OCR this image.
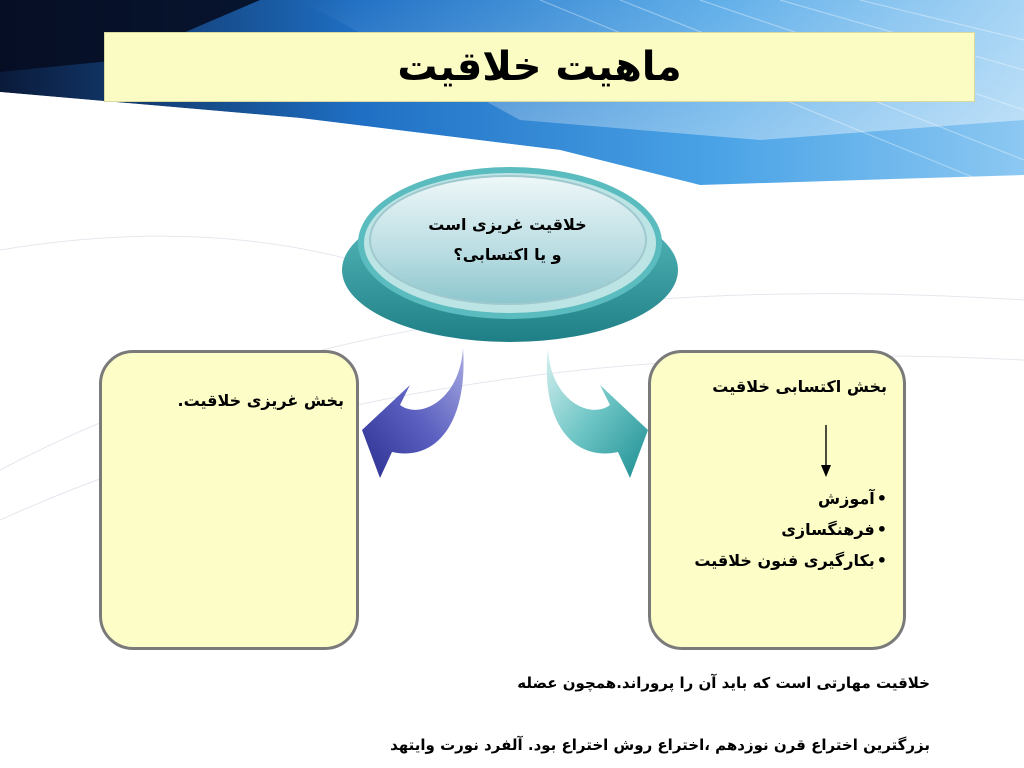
ماهیت خلاقیت
خلاقیت غریزی است
و یا اکتسابی؟
بخش غریزی خلاقیت.
بخش اکتسابی خلاقیت
•آموزش
•فرهنگسازی
•بکارگیری فنون خلاقیت
خلاقیت مهارتی است که باید آن را پروراند.همچون عضله
بزرگترین اختراع قرن نوزدهم ،اختراع روش اختراع بود. آلفرد نورت وایتهد
